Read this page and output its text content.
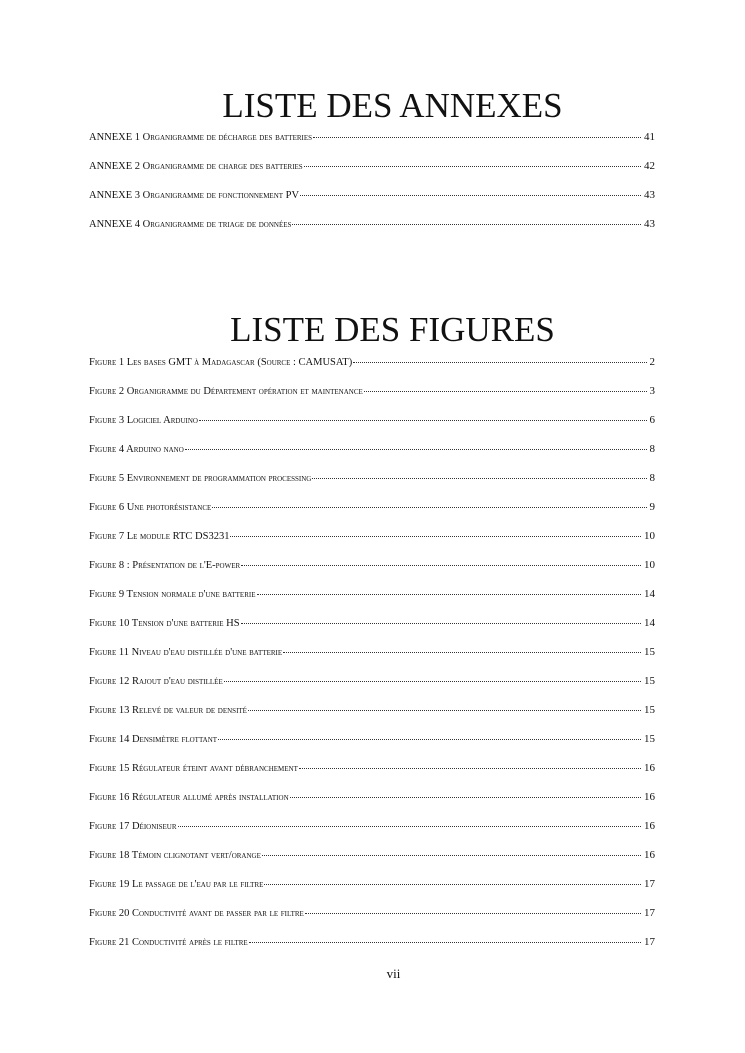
LISTE DES ANNEXES
ANNEXE 1 Organigramme de décharge des batteries	41
ANNEXE 2 Organigramme de charge des batteries	42
ANNEXE 3 Organigramme de fonctionnement PV	43
ANNEXE 4 Organigramme de triage de données	43
LISTE DES FIGURES
Figure 1 Les bases GMT à Madagascar (Source : CAMUSAT)	2
Figure 2 Organigramme du Département opération et maintenance	3
Figure 3 Logiciel Arduino	6
Figure 4 Arduino nano	8
Figure 5 Environnement de programmation processing	8
Figure 6 Une photorésistance	9
Figure 7 Le module RTC DS3231	10
Figure 8 : Présentation de l'E-power	10
Figure 9 Tension normale d'une batterie	14
Figure 10 Tension d'une batterie HS	14
Figure 11 Niveau d'eau distillée d'une batterie	15
Figure 12 Rajout d'eau distillée	15
Figure 13 Relevé de valeur de densité	15
Figure 14 Densimètre flottant	15
Figure 15 Régulateur éteint avant débranchement	16
Figure 16 Régulateur allumé après installation	16
Figure 17 Déioniseur	16
Figure 18 Témoin clignotant vert/orange	16
Figure 19 Le passage de l'eau par le filtre	17
Figure 20 Conductivité avant de passer par le filtre	17
Figure 21 Conductivité après le filtre	17
vii
